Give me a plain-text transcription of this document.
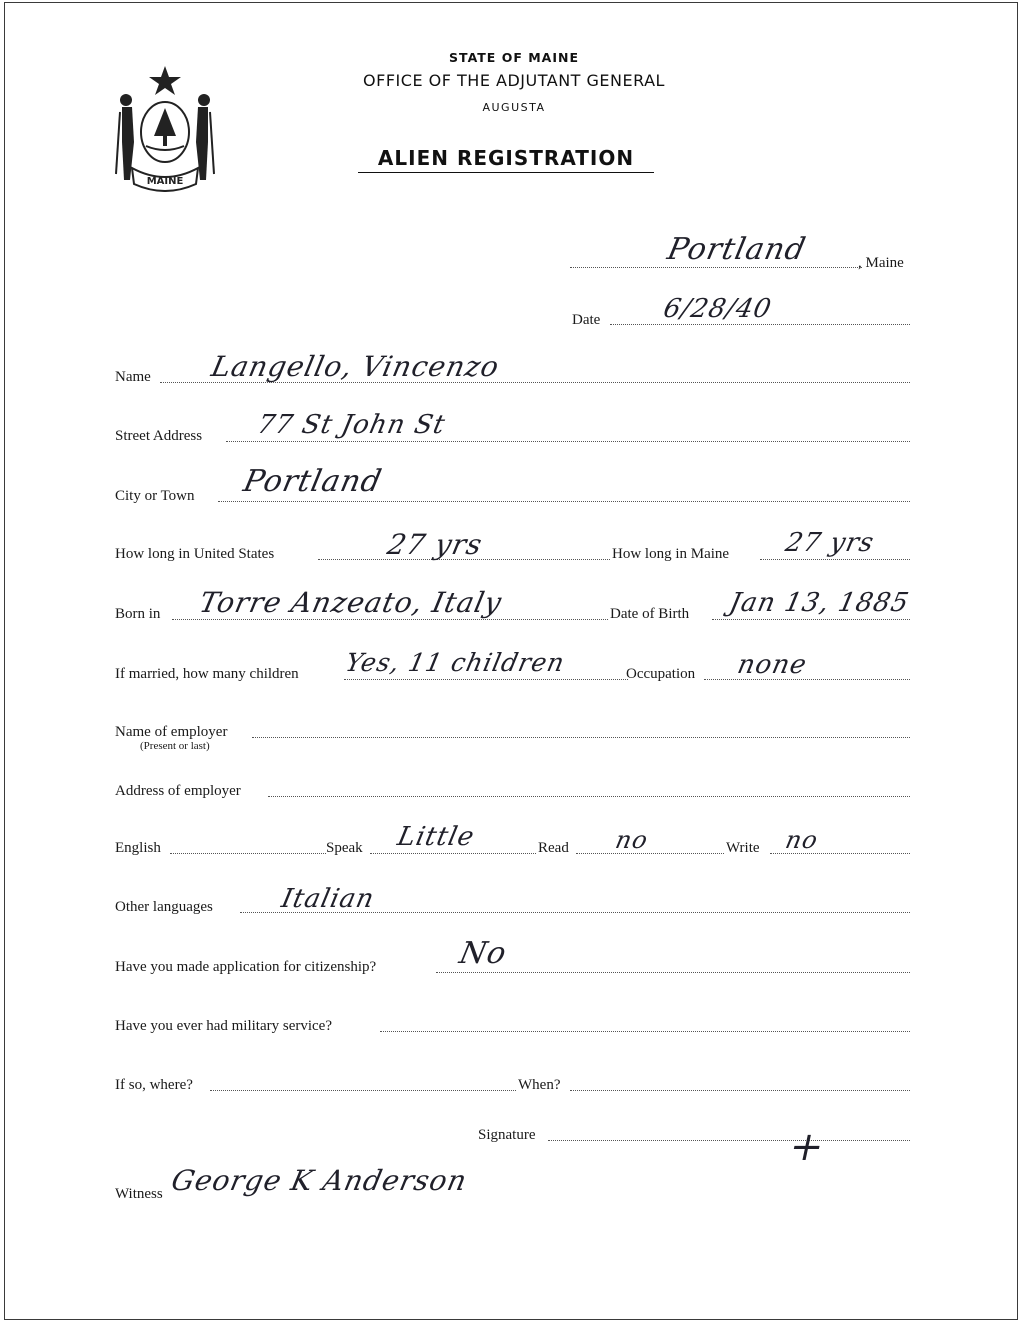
MAINE
STATE OF MAINE
OFFICE OF THE ADJUTANT GENERAL
AUGUSTA
ALIEN REGISTRATION
Portland	, Maine
Date 6/28/40
Name Langello, Vincenzo
Street Address 77 St John St
City or Town Portland
How long in United States	27 yrs	How long in Maine 27 yrs
Born in Torre Anzeato, Italy	Date of Birth Jan 13, 1885
If married, how many children Yes, 11 children	Occupation none
Name of employer
(Present or last)
Address of employer
English	Speak Little	Read no	Write no
Other languages	Italian
Have you made application for citizenship?	No
Have you ever had military service?
If so, where?	When?
Signature	+
Witness George K Anderson
